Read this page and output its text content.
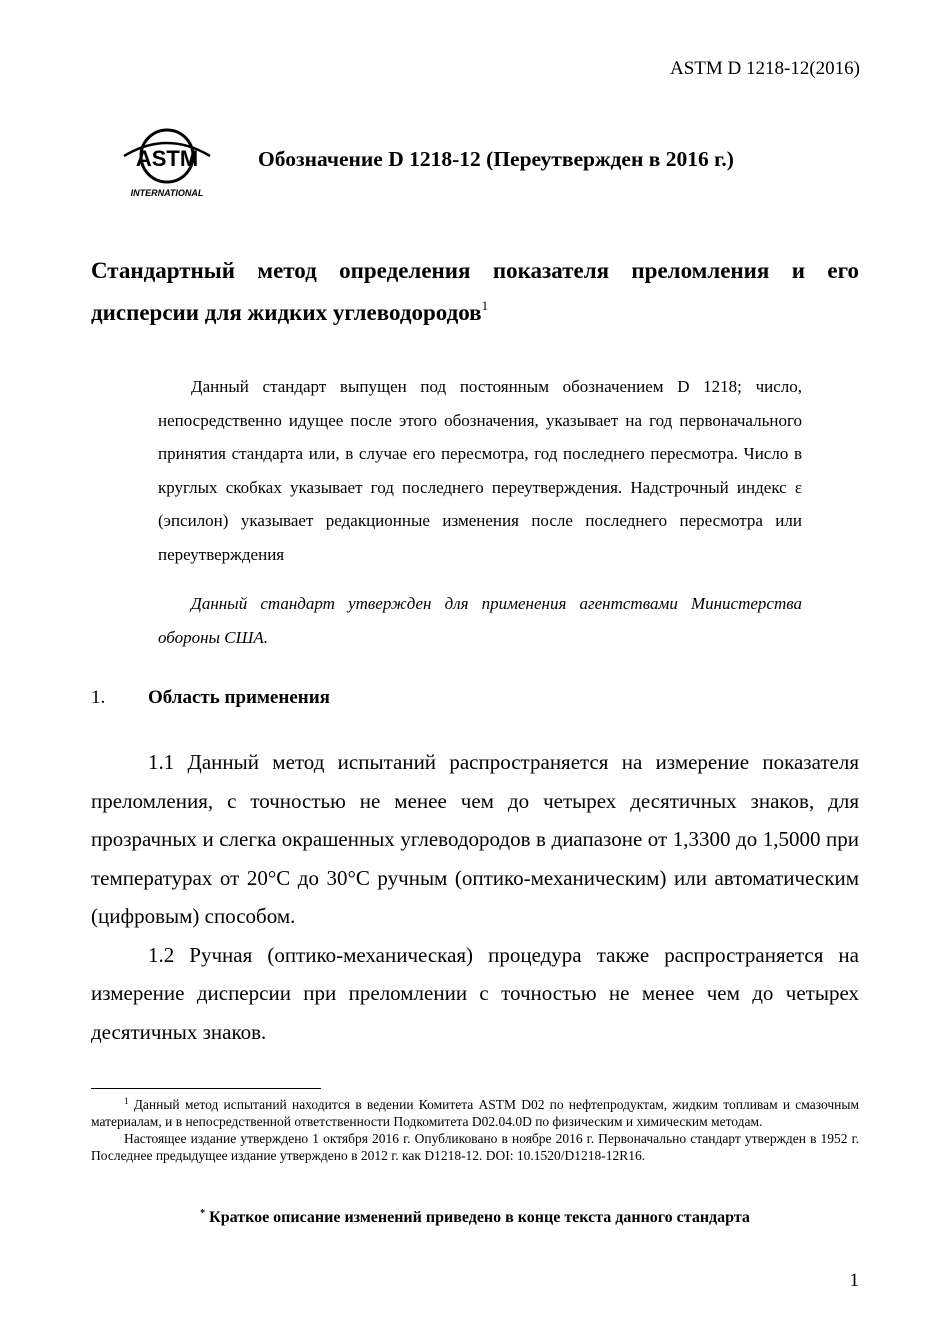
ASTM D 1218-12(2016)
ASTM
INTERNATIONAL
Обозначение D 1218-12 (Переутвержден в 2016 г.)
Стандартный метод определения показателя преломления и его дисперсии для жидких углеводородов$^1$

Данный стандарт выпущен под постоянным обозначением D 1218; число, непосредственно идущее после этого обозначения, указывает на год первоначального принятия стандарта или, в случае его пересмотра, год последнего пересмотра. Число в круглых скобках указывает год последнего переутверждения. Надстрочный индекс ε (эпсилон) указывает редакционные изменения после последнего пересмотра или переутверждения

Данный стандарт утвержден для применения агентствами Министерства обороны США.

1. Область применения

1.1 Данный метод испытаний распространяется на измерение показателя преломления, с точностью не менее чем до четырех десятичных знаков, для прозрачных и слегка окрашенных углеводородов в диапазоне от 1,3300 до 1,5000 при температурах от 20°С до 30°С ручным (оптико-механическим) или автоматическим (цифровым) способом.

1.2 Ручная (оптико-механическая) процедура также распространяется на измерение дисперсии при преломлении с точностью не менее чем до четырех десятичных знаков.

$^1$ Данный метод испытаний находится в ведении Комитета ASTM D02 по нефтепродуктам, жидким топливам и смазочным материалам, и в непосредственной ответственности Подкомитета D02.04.0D по физическим и химическим методам.

Настоящее издание утверждено 1 октября 2016 г. Опубликовано в ноябре 2016 г. Первоначально стандарт утвержден в 1952 г. Последнее предыдущее издание утверждено в 2012 г. как D1218-12. DOI: 10.1520/D1218-12R16.

* Краткое описание изменений приведено в конце текста данного стандарта
1
